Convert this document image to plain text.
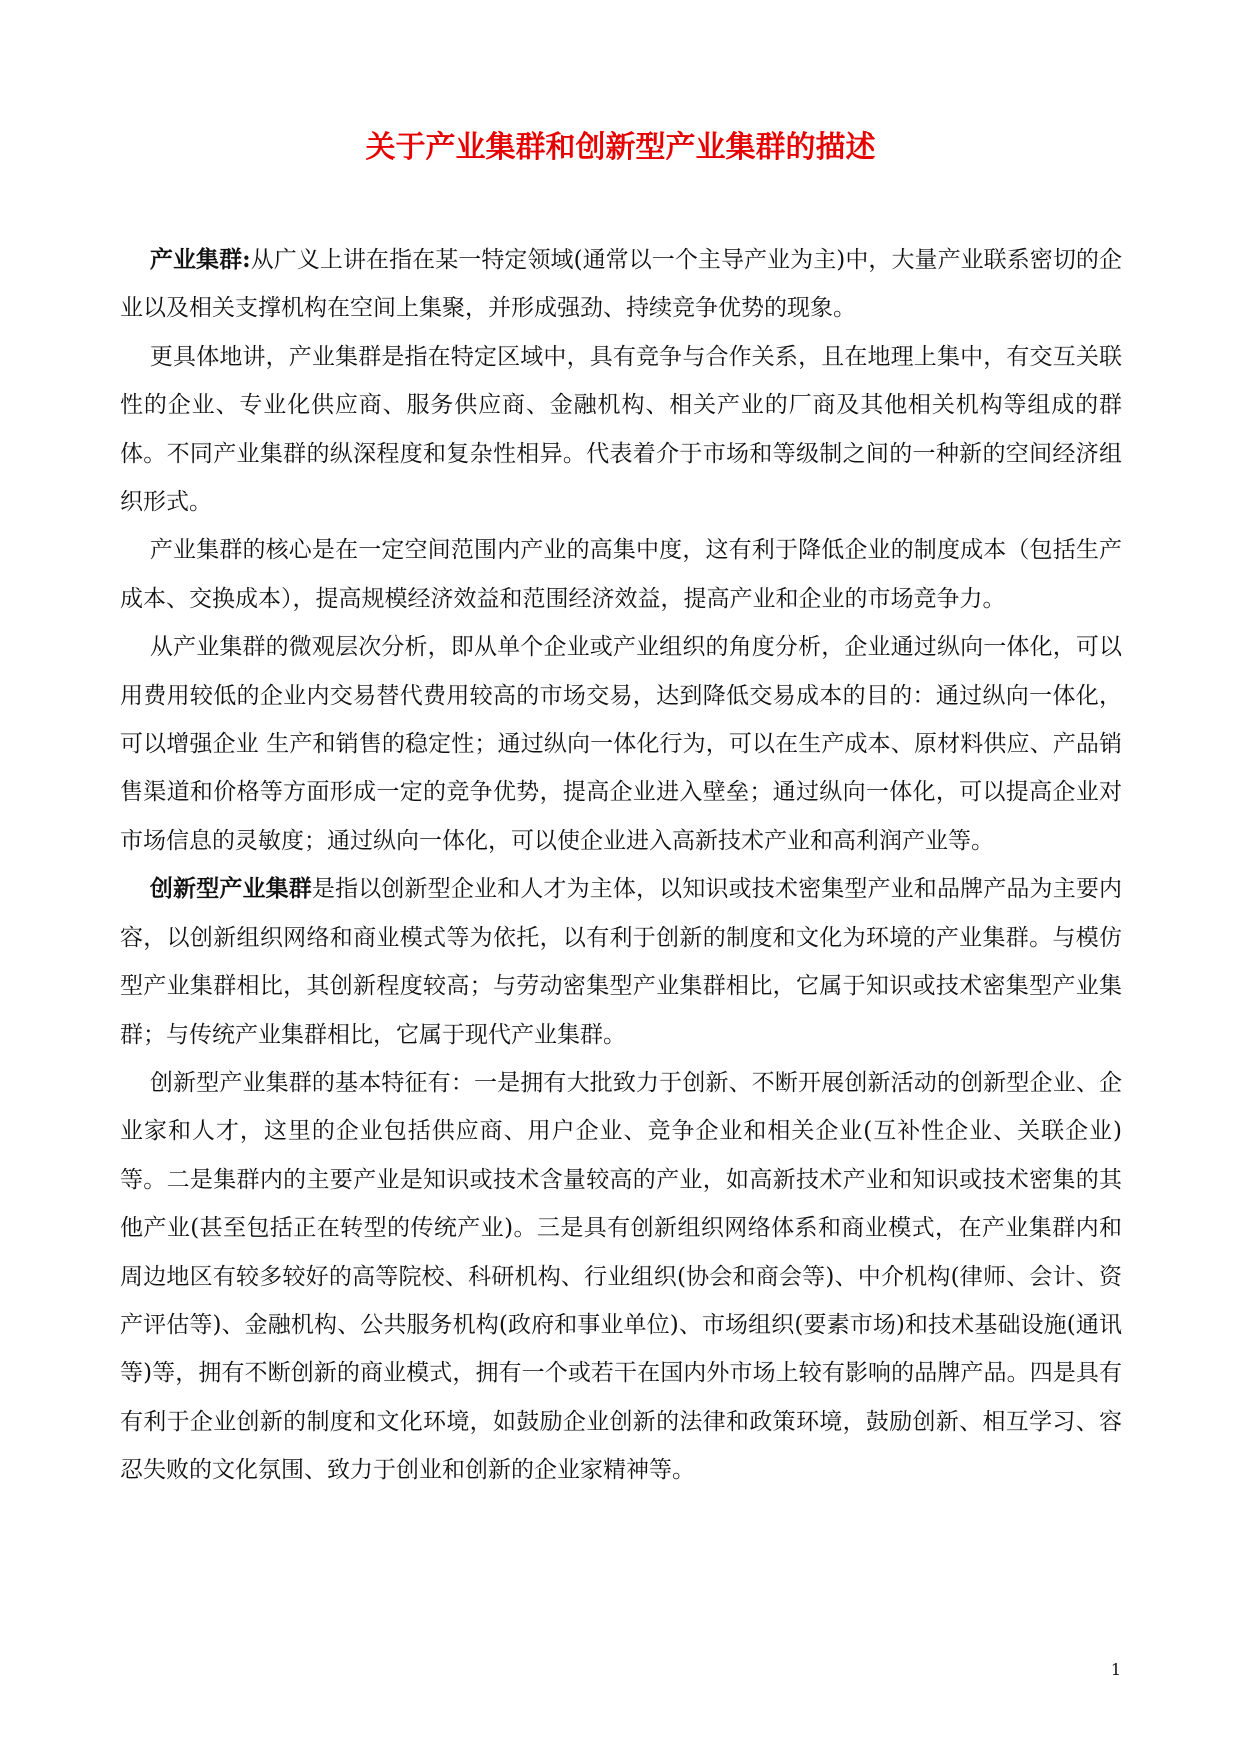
关于产业集群和创新型产业集群的描述

产业集群:从广义上讲在指在某一特定领域(通常以一个主导产业为主)中，大量产业联系密切的企业以及相关支撑机构在空间上集聚，并形成强劲、持续竞争优势的现象。

更具体地讲，产业集群是指在特定区域中，具有竞争与合作关系，且在地理上集中，有交互关联性的企业、专业化供应商、服务供应商、金融机构、相关产业的厂商及其他相关机构等组成的群体。不同产业集群的纵深程度和复杂性相异。代表着介于市场和等级制之间的一种新的空间经济组织形式。

产业集群的核心是在一定空间范围内产业的高集中度，这有利于降低企业的制度成本（包括生产成本、交换成本），提高规模经济效益和范围经济效益，提高产业和企业的市场竞争力。

从产业集群的微观层次分析，即从单个企业或产业组织的角度分析，企业通过纵向一体化，可以用费用较低的企业内交易替代费用较高的市场交易，达到降低交易成本的目的：通过纵向一体化，可以增强企业 生产和销售的稳定性；通过纵向一体化行为，可以在生产成本、原材料供应、产品销售渠道和价格等方面形成一定的竞争优势，提高企业进入壁垒；通过纵向一体化，可以提高企业对市场信息的灵敏度；通过纵向一体化，可以使企业进入高新技术产业和高利润产业等。

创新型产业集群是指以创新型企业和人才为主体，以知识或技术密集型产业和品牌产品为主要内容，以创新组织网络和商业模式等为依托，以有利于创新的制度和文化为环境的产业集群。与模仿型产业集群相比，其创新程度较高；与劳动密集型产业集群相比，它属于知识或技术密集型产业集群；与传统产业集群相比，它属于现代产业集群。

创新型产业集群的基本特征有：一是拥有大批致力于创新、不断开展创新活动的创新型企业、企业家和人才，这里的企业包括供应商、用户企业、竞争企业和相关企业(互补性企业、关联企业)等。二是集群内的主要产业是知识或技术含量较高的产业，如高新技术产业和知识或技术密集的其他产业(甚至包括正在转型的传统产业)。三是具有创新组织网络体系和商业模式，在产业集群内和周边地区有较多较好的高等院校、科研机构、行业组织(协会和商会等)、中介机构(律师、会计、资产评估等)、金融机构、公共服务机构(政府和事业单位)、市场组织(要素市场)和技术基础设施(通讯等)等，拥有不断创新的商业模式，拥有一个或若干在国内外市场上较有影响的品牌产品。四是具有有利于企业创新的制度和文化环境，如鼓励企业创新的法律和政策环境，鼓励创新、相互学习、容忍失败的文化氛围、致力于创业和创新的企业家精神等。

1
